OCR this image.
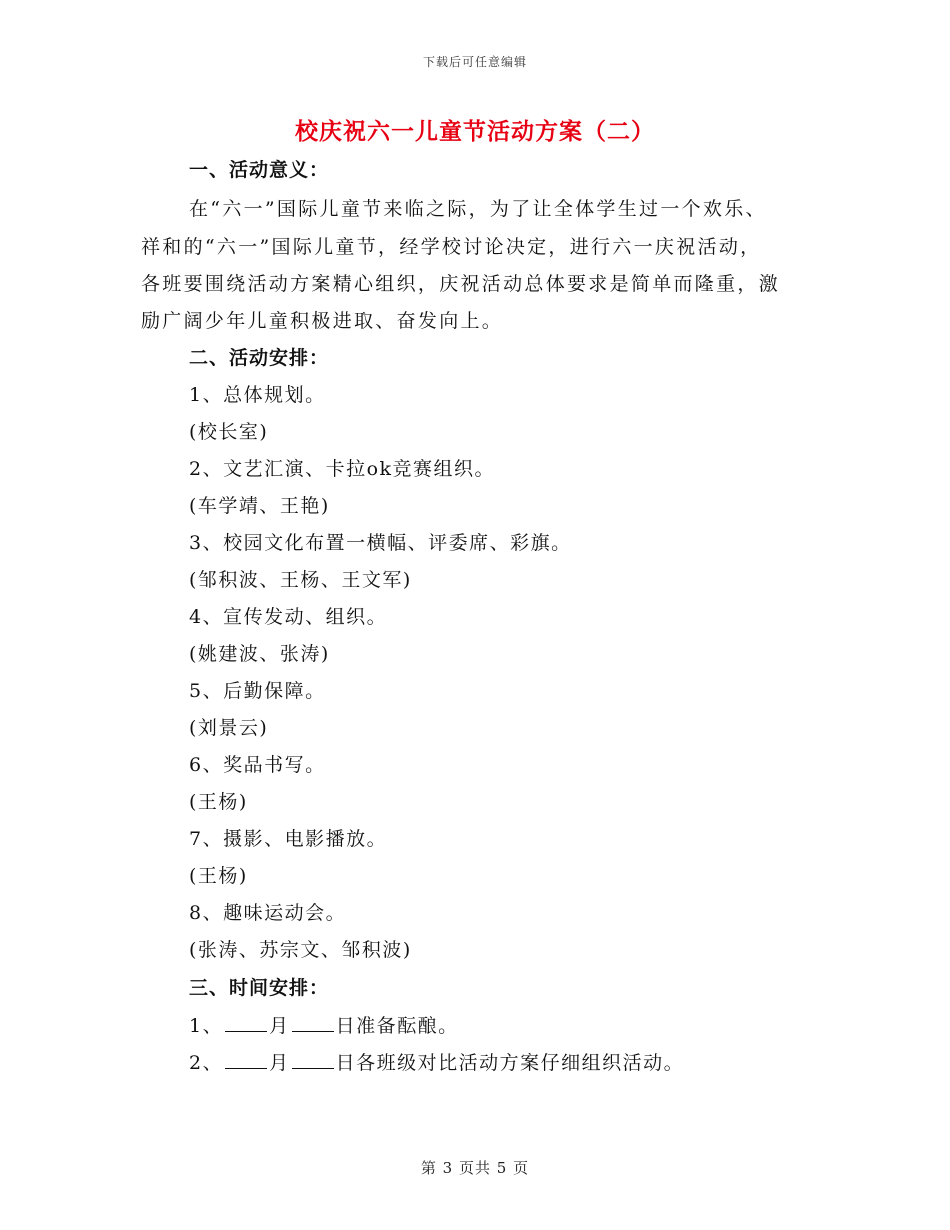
下载后可任意编辑
校庆祝六一儿童节活动方案（二）
一、活动意义：
在“六一”国际儿童节来临之际，为了让全体学生过一个欢乐、
祥和的“六一”国际儿童节，经学校讨论决定，进行六一庆祝活动，
各班要围绕活动方案精心组织，庆祝活动总体要求是简单而隆重，激
励广阔少年儿童积极进取、奋发向上。
二、活动安排：
1、总体规划。
(校长室)
2、文艺汇演、卡拉ok竞赛组织。
(车学靖、王艳)
3、校园文化布置一横幅、评委席、彩旗。
(邹积波、王杨、王文军)
4、宣传发动、组织。
(姚建波、张涛)
5、后勤保障。
(刘景云)
6、奖品书写。
(王杨)
7、摄影、电影播放。
(王杨)
8、趣味运动会。
(张涛、苏宗文、邹积波)
三、时间安排：
1、 月 日准备酝酿。
2、 月 日各班级对比活动方案仔细组织活动。
第 3 页共 5 页
